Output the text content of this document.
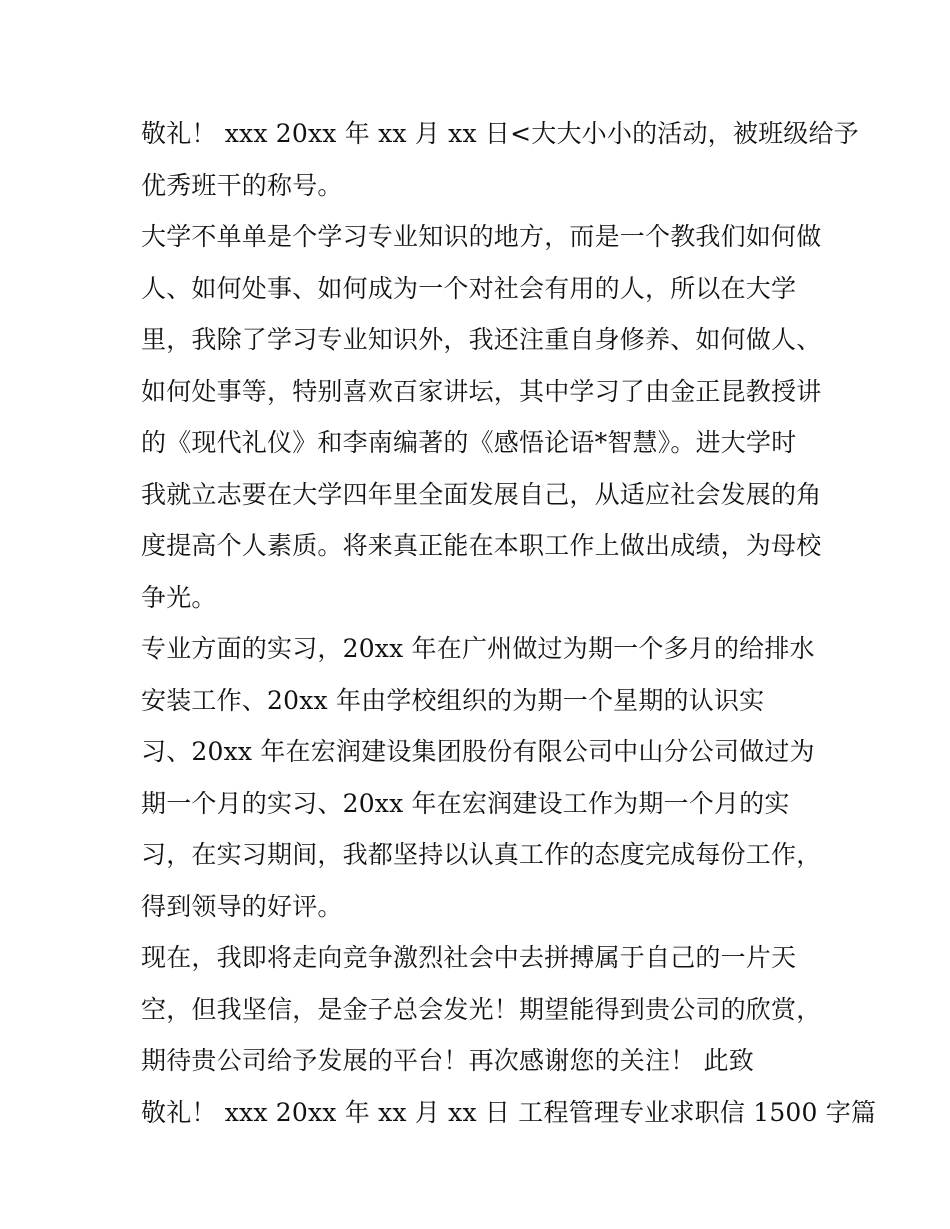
敬礼！ xxx 20xx 年 xx 月 xx 日<大大小小的活动，被班级给予
优秀班干的称号。
大学不单单是个学习专业知识的地方，而是一个教我们如何做
人、如何处事、如何成为一个对社会有用的人，所以在大学
里，我除了学习专业知识外，我还注重自身修养、如何做人、
如何处事等，特别喜欢百家讲坛，其中学习了由金正昆教授讲
的《现代礼仪》和李南编著的《感悟论语*智慧》。进大学时
我就立志要在大学四年里全面发展自己，从适应社会发展的角
度提高个人素质。将来真正能在本职工作上做出成绩，为母校
争光。
专业方面的实习，20xx 年在广州做过为期一个多月的给排水
安装工作、20xx 年由学校组织的为期一个星期的认识实
习、20xx 年在宏润建设集团股份有限公司中山分公司做过为
期一个月的实习、20xx 年在宏润建设工作为期一个月的实
习，在实习期间，我都坚持以认真工作的态度完成每份工作，
得到领导的好评。
现在，我即将走向竞争激烈社会中去拼搏属于自己的一片天
空，但我坚信，是金子总会发光！期望能得到贵公司的欣赏，
期待贵公司给予发展的平台！再次感谢您的关注！ 此致
敬礼！ xxx 20xx 年 xx 月 xx 日 工程管理专业求职信 1500 字篇
